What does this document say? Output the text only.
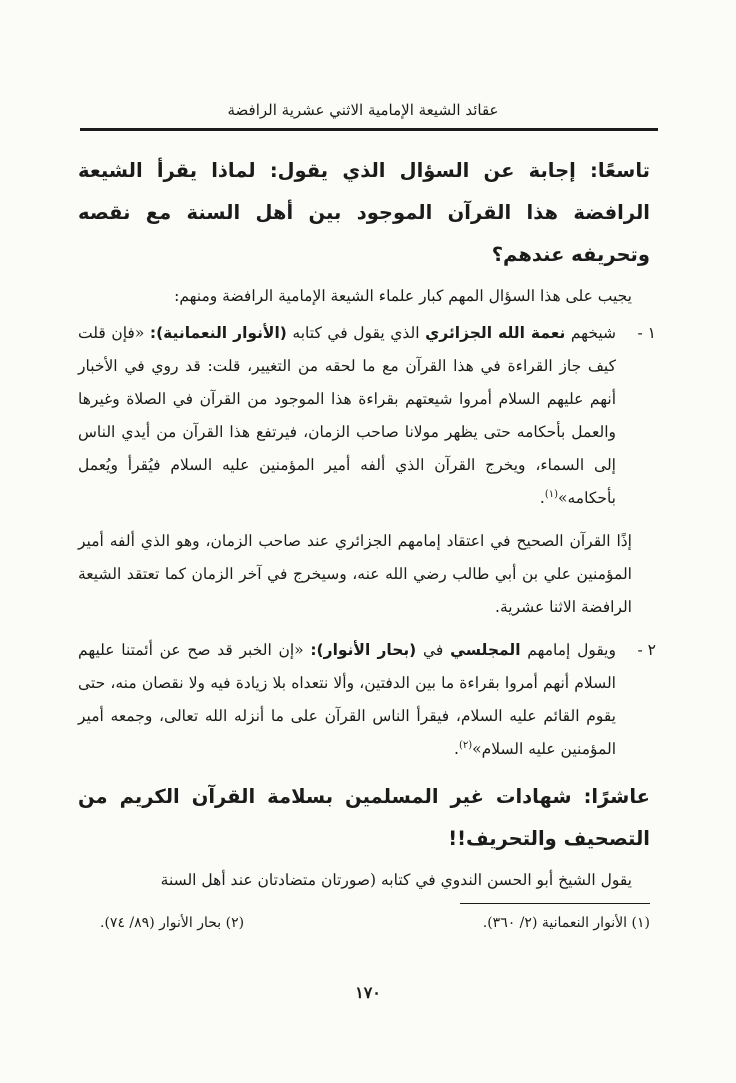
عقائد الشيعة الإمامية الاثني عشرية الرافضة

تاسعًا: إجابة عن السؤال الذي يقول: لماذا يقرأ الشيعة الرافضة هذا القرآن الموجود بين أهل السنة مع نقصه وتحريفه عندهم؟

يجيب على هذا السؤال المهم كبار علماء الشيعة الإمامية الرافضة ومنهم:

١ -
شيخهم نعمة الله الجزائري الذي يقول في كتابه (الأنوار النعمانية): «فإن قلت كيف جاز القراءة في هذا القرآن مع ما لحقه من التغيير، قلت: قد روي في الأخبار أنهم عليهم السلام أمروا شيعتهم بقراءة هذا الموجود من القرآن في الصلاة وغيرها والعمل بأحكامه حتى يظهر مولانا صاحب الزمان، فيرتفع هذا القرآن من أيدي الناس إلى السماء، ويخرج القرآن الذي ألفه أمير المؤمنين عليه السلام فيُقرأ ويُعمل بأحكامه»$^{(١)}$.

إذًا القرآن الصحيح في اعتقاد إمامهم الجزائري عند صاحب الزمان، وهو الذي ألفه أمير المؤمنين علي بن أبي طالب رضي الله عنه، وسيخرج في آخر الزمان كما تعتقد الشيعة الرافضة الاثنا عشرية.

٢ -
ويقول إمامهم المجلسي في (بحار الأنوار): «إن الخبر قد صح عن أئمتنا عليهم السلام أنهم أمروا بقراءة ما بين الدفتين، وألا نتعداه بلا زيادة فيه ولا نقصان منه، حتى يقوم القائم عليه السلام، فيقرأ الناس القرآن على ما أنزله الله تعالى، وجمعه أمير المؤمنين عليه السلام»$^{(٢)}$.

عاشرًا: شهادات غير المسلمين بسلامة القرآن الكريم من التصحيف والتحريف!!

يقول الشيخ أبو الحسن الندوي في كتابه (صورتان متضادتان عند أهل السنة

(١) الأنوار النعمانية (٢/ ٣٦٠).
(٢) بحار الأنوار (٨٩/ ٧٤).
١٧٠
